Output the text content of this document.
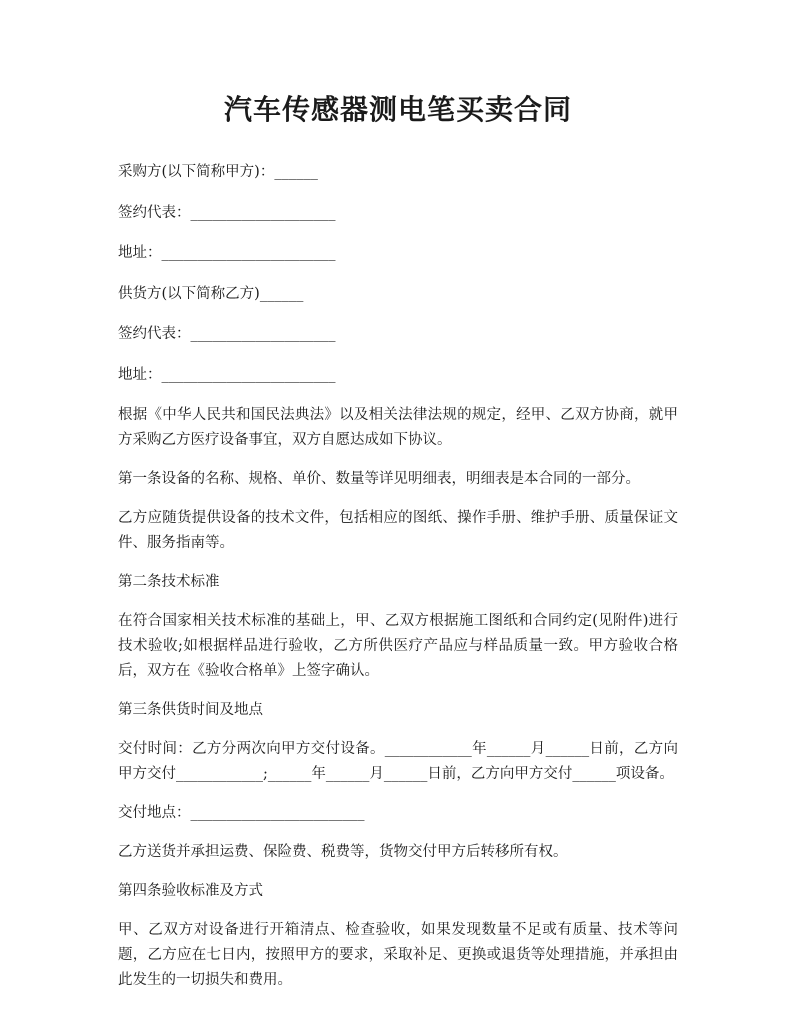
汽车传感器测电笔买卖合同

采购方(以下简称甲方)：______

签约代表：____________________

地址：________________________

供货方(以下简称乙方)______

签约代表：____________________

地址：________________________

根据《中华人民共和国民法典法》以及相关法律法规的规定，经甲、乙双方协商，就甲方采购乙方医疗设备事宜，双方自愿达成如下协议。

第一条设备的名称、规格、单价、数量等详见明细表，明细表是本合同的一部分。

乙方应随货提供设备的技术文件，包括相应的图纸、操作手册、维护手册、质量保证文件、服务指南等。

第二条技术标准

在符合国家相关技术标准的基础上，甲、乙双方根据施工图纸和合同约定(见附件)进行技术验收;如根据样品进行验收，乙方所供医疗产品应与样品质量一致。甲方验收合格后，双方在《验收合格单》上签字确认。

第三条供货时间及地点

交付时间：乙方分两次向甲方交付设备。____________年______月______日前，乙方向甲方交付____________;______年______月______日前，乙方向甲方交付______项设备。

交付地点：________________________

乙方送货并承担运费、保险费、税费等，货物交付甲方后转移所有权。

第四条验收标准及方式

甲、乙双方对设备进行开箱清点、检查验收，如果发现数量不足或有质量、技术等问题，乙方应在七日内，按照甲方的要求，采取补足、更换或退货等处理措施，并承担由此发生的一切损失和费用。
